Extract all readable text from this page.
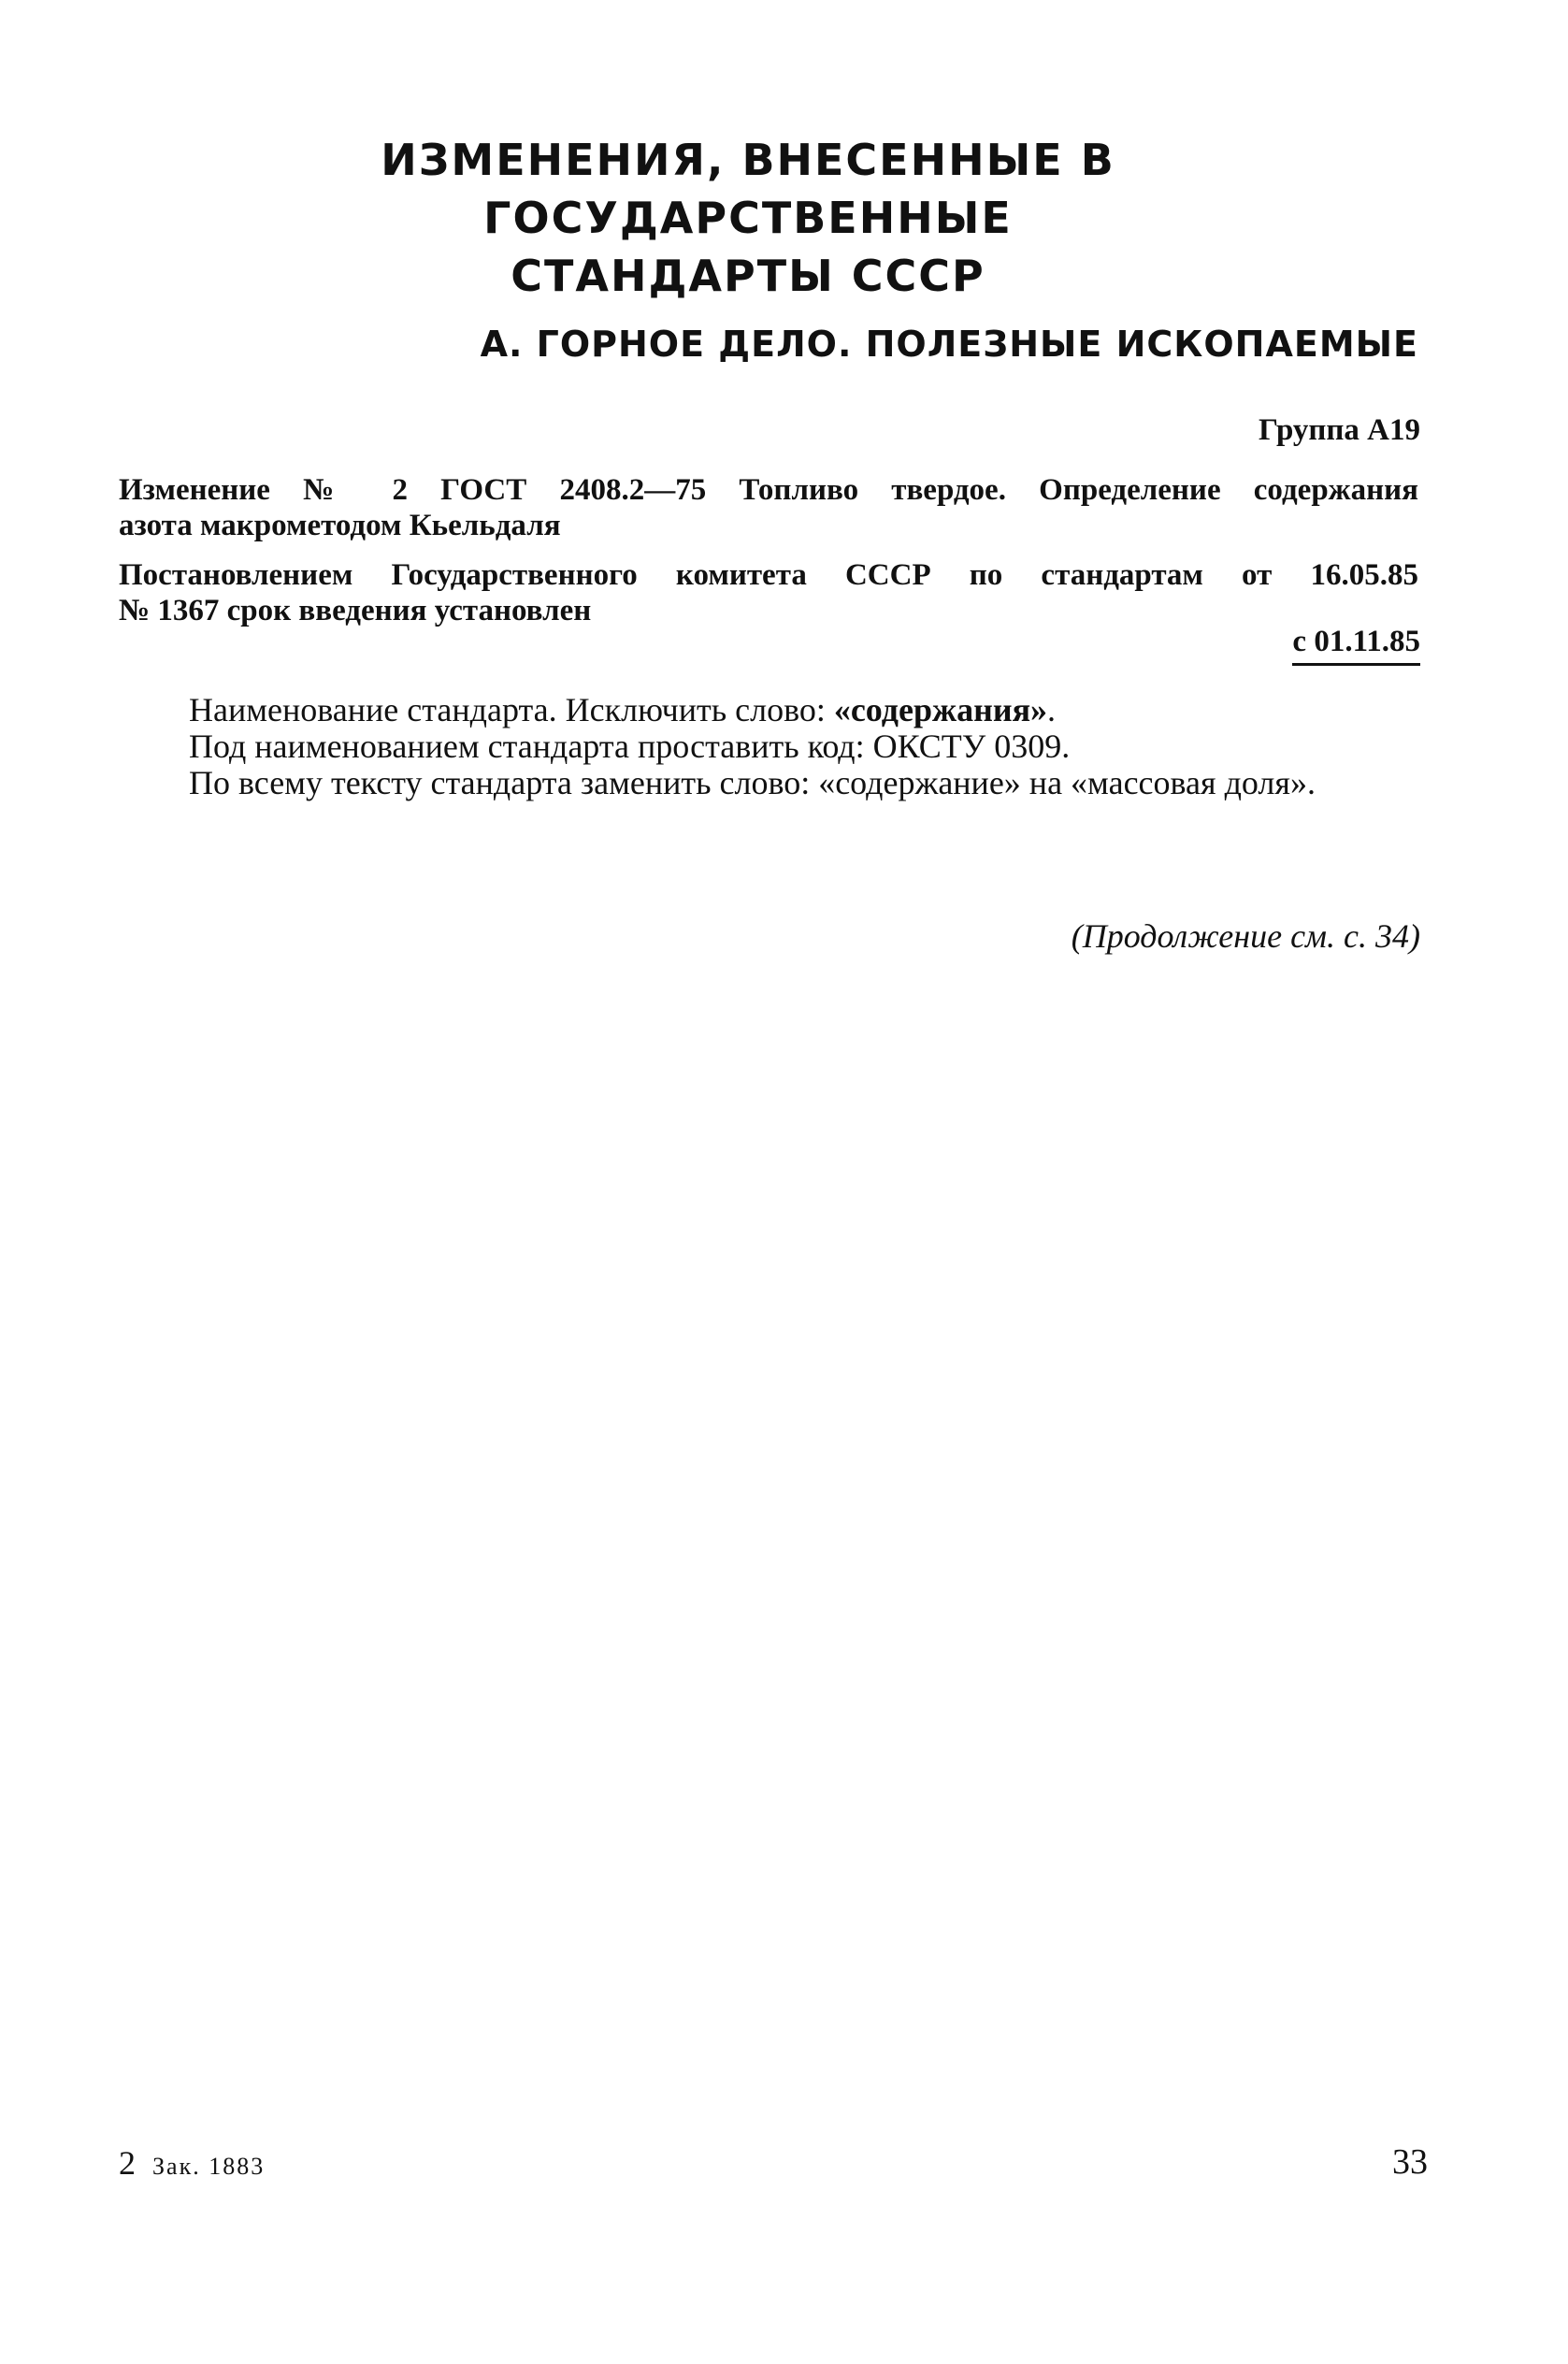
ИЗМЕНЕНИЯ, ВНЕСЕННЫЕ В ГОСУДАРСТВЕННЫЕ
СТАНДАРТЫ СССР
А. ГОРНОЕ ДЕЛО. ПОЛЕЗНЫЕ ИСКОПАЕМЫЕ
Группа А19
Изменение № 2 ГОСТ 2408.2—75 Топливо твердое. Определение содержания
азота макрометодом Кьельдаля
Постановлением Государственного комитета СССР по стандартам от 16.05.85
№ 1367 срок введения установлен
с 01.11.85

Наименование стандарта. Исключить слово: «содержания».

Под наименованием стандарта проставить код: ОКСТУ 0309.

По всему тексту стандарта заменить слово: «содержание» на «массовая доля».

(Продолжение см. с. 34)
2 Зак. 1883	33
